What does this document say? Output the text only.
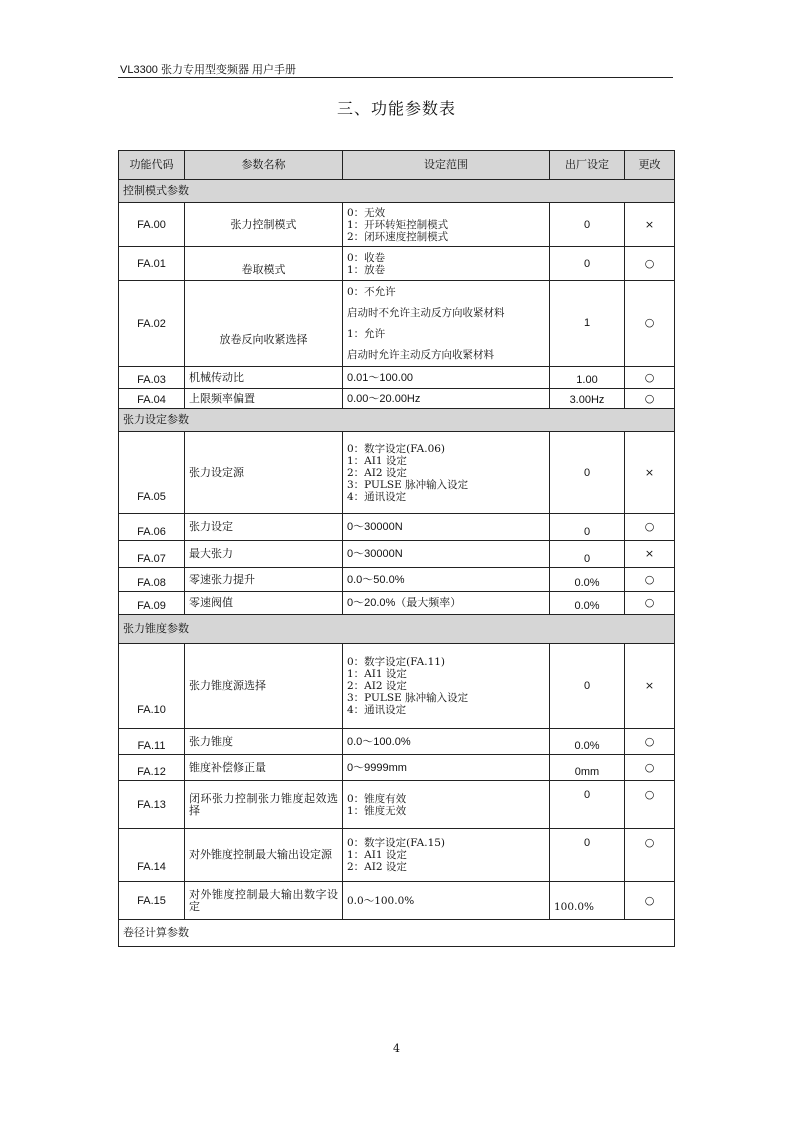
VL3300 张力专用型变频器 用户手册
三、功能参数表
功能代码	参数名称	设定范围	出厂设定	更改
控制模式参数				
FA.00	张力控制模式	0：无效
1：开环转矩控制模式
2：闭环速度控制模式	0	×
FA.01	卷取模式	0：收卷
1：放卷	0	○
FA.02	放卷反向收紧选择	0：不允许
启动时不允许主动反方向收紧材料
1：允许
启动时允许主动反方向收紧材料	1	○
FA.03	机械传动比	0.01～100.00	1.00	○
FA.04	上限频率偏置	0.00～20.00Hz	3.00Hz	○
张力设定参数				
FA.05	张力设定源	0：数字设定(FA.06)
1：AI1 设定
2：AI2 设定
3：PULSE 脉冲输入设定
4：通讯设定	0	×
FA.06	张力设定	0～30000N	0	○
FA.07	最大张力	0～30000N	0	×
FA.08	零速张力提升	0.0～50.0%	0.0%	○
FA.09	零速阀值	0～20.0%（最大频率）	0.0%	○
张力锥度参数				
FA.10	张力锥度源选择	0：数字设定(FA.11)
1：AI1 设定
2：AI2 设定
3：PULSE 脉冲输入设定
4：通讯设定	0	×
FA.11	张力锥度	0.0～100.0%	0.0%	○
FA.12	锥度补偿修正量	0～9999mm	0mm	○
FA.13	闭环张力控制张力锥度起效选择	0：锥度有效
1：锥度无效	0	○
FA.14	对外锥度控制最大输出设定源	0：数字设定(FA.15)
1：AI1 设定
2：AI2 设定	0	○
FA.15	对外锥度控制最大输出数字设定	0.0～100.0%	100.0%	○
卷径计算参数				
4
